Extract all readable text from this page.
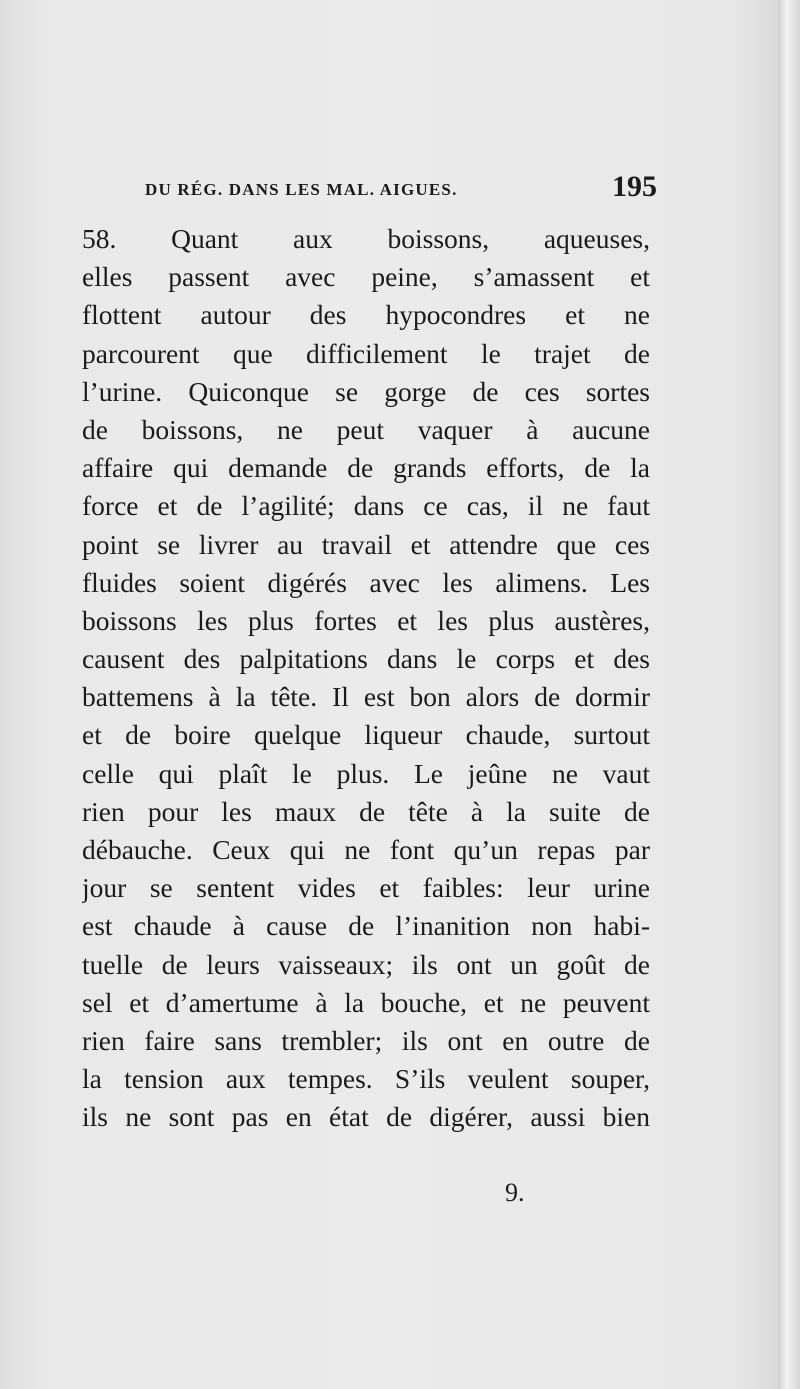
DU RÉG. DANS LES MAL. AIGUES.	195
58. Quant aux boissons, aqueuses,
elles passent avec peine, s’amassent et
flottent autour des hypocondres et ne
parcourent que difficilement le trajet de
l’urine. Quiconque se gorge de ces sortes
de boissons, ne peut vaquer à aucune
affaire qui demande de grands efforts, de la
force et de l’agilité; dans ce cas, il ne faut
point se livrer au travail et attendre que ces
fluides soient digérés avec les alimens. Les
boissons les plus fortes et les plus austères,
causent des palpitations dans le corps et des
battemens à la tête. Il est bon alors de dormir
et de boire quelque liqueur chaude, surtout
celle qui plaît le plus. Le jeûne ne vaut
rien pour les maux de tête à la suite de
débauche. Ceux qui ne font qu’un repas par
jour se sentent vides et faibles: leur urine
est chaude à cause de l’inanition non habi-
tuelle de leurs vaisseaux; ils ont un goût de
sel et d’amertume à la bouche, et ne peuvent
rien faire sans trembler; ils ont en outre de
la tension aux tempes. S’ils veulent souper,
ils ne sont pas en état de digérer, aussi bien
9.
